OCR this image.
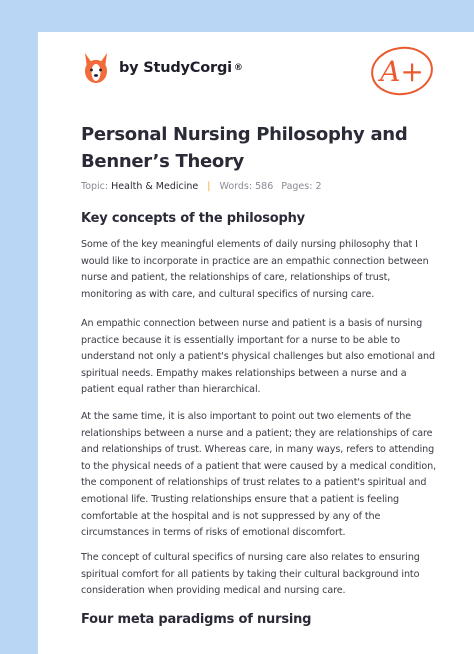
by StudyCorgi ®	A+
Personal Nursing Philosophy and Benner’s Theory
Topic: Health & Medicine | Words: 586 Pages: 2
Key concepts of the philosophy

Some of the key meaningful elements of daily nursing philosophy that I would like to incorporate in practice are an empathic connection between nurse and patient, the relationships of care, relationships of trust, monitoring as with care, and cultural specifics of nursing care.

An empathic connection between nurse and patient is a basis of nursing practice because it is essentially important for a nurse to be able to understand not only a patient's physical challenges but also emotional and spiritual needs. Empathy makes relationships between a nurse and a patient equal rather than hierarchical.

At the same time, it is also important to point out two elements of the relationships between a nurse and a patient; they are relationships of care and relationships of trust. Whereas care, in many ways, refers to attending to the physical needs of a patient that were caused by a medical condition, the component of relationships of trust relates to a patient's spiritual and emotional life. Trusting relationships ensure that a patient is feeling comfortable at the hospital and is not suppressed by any of the circumstances in terms of risks of emotional discomfort.

The concept of cultural specifics of nursing care also relates to ensuring spiritual comfort for all patients by taking their cultural background into consideration when providing medical and nursing care.

Four meta paradigms of nursing
